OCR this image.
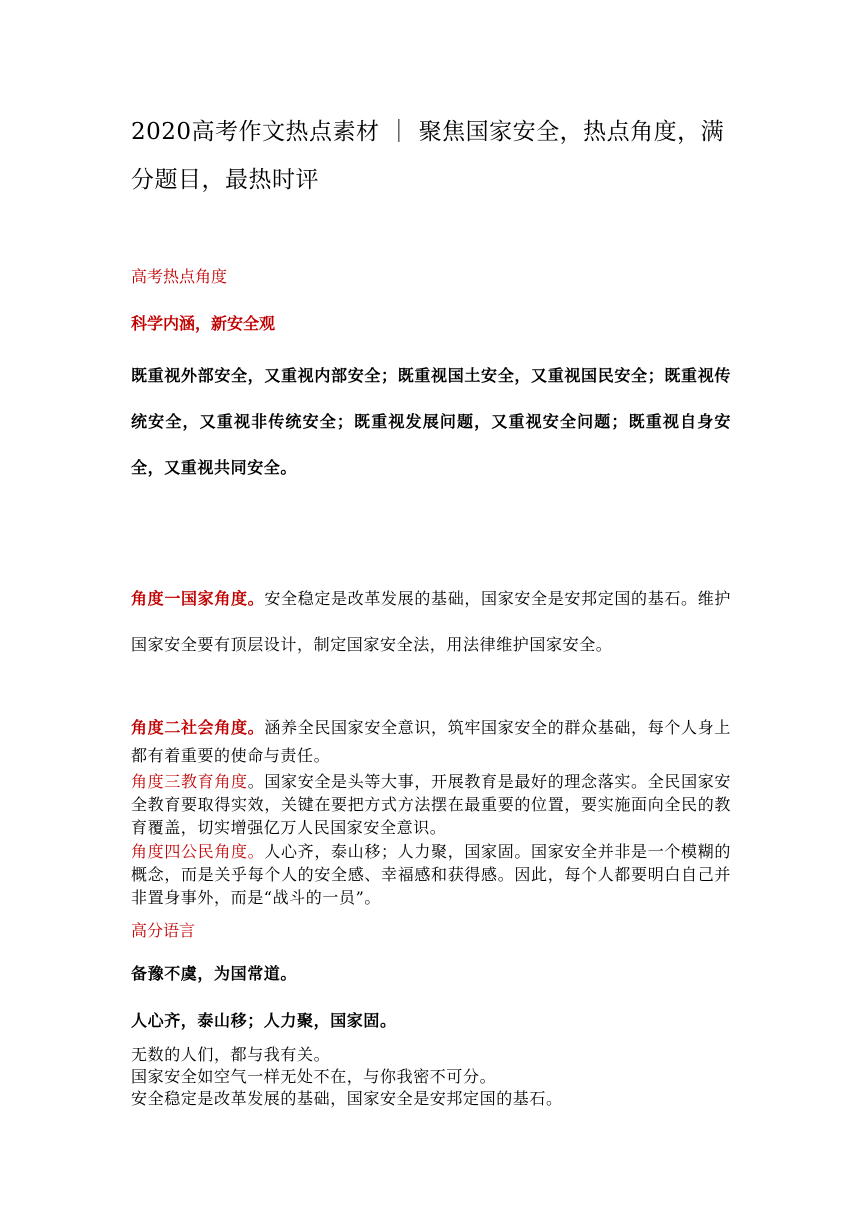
2020高考作文热点素材 ｜ 聚焦国家安全，热点角度，满分题目，最热时评

高考热点角度

科学内涵，新安全观

既重视外部安全，又重视内部安全；既重视国土安全，又重视国民安全；既重视传统安全，又重视非传统安全；既重视发展问题，又重视安全问题；既重视自身安全，又重视共同安全。

角度一国家角度。安全稳定是改革发展的基础，国家安全是安邦定国的基石。维护国家安全要有顶层设计，制定国家安全法，用法律维护国家安全。

角度二社会角度。涵养全民国家安全意识，筑牢国家安全的群众基础，每个人身上都有着重要的使命与责任。

角度三教育角度。国家安全是头等大事，开展教育是最好的理念落实。全民国家安全教育要取得实效，关键在要把方式方法摆在最重要的位置，要实施面向全民的教育覆盖，切实增强亿万人民国家安全意识。

角度四公民角度。人心齐，泰山移；人力聚，国家固。国家安全并非是一个模糊的概念，而是关乎每个人的安全感、幸福感和获得感。因此，每个人都要明白自己并非置身事外，而是“战斗的一员”。

高分语言

备豫不虞，为国常道。

人心齐，泰山移；人力聚，国家固。

无数的人们，都与我有关。

国家安全如空气一样无处不在，与你我密不可分。

安全稳定是改革发展的基础，国家安全是安邦定国的基石。
